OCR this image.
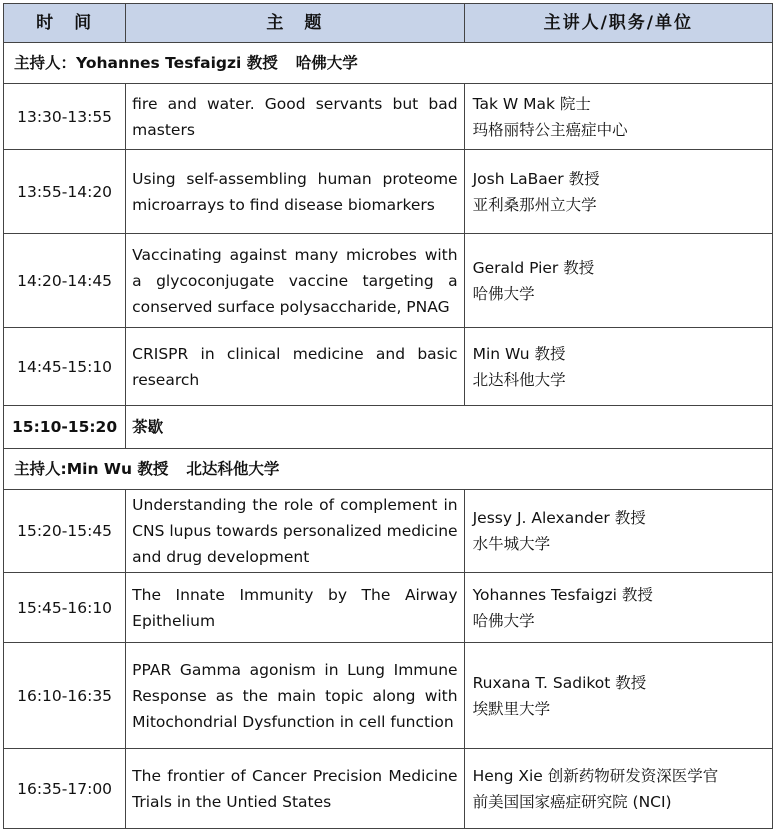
时　间	主　题	主讲人/职务/单位
主持人：Yohannes Tesfaigzi 教授 哈佛大学		
13:30-13:55	fire and water. Good servants but bad masters	Tak W Mak 院士
玛格丽特公主癌症中心

13:55-14:20	Using self-assembling human proteome microarrays to find disease biomarkers	Josh LaBaer 教授
亚利桑那州立大学

14:20-14:45	Vaccinating against many microbes with a glycoconjugate vaccine targeting a conserved surface polysaccharide, PNAG	Gerald Pier 教授
哈佛大学

14:45-15:10	CRISPR in clinical medicine and basic research	Min Wu 教授
北达科他大学

15:10-15:20	茶歇	
主持人:Min Wu 教授 北达科他大学		
15:20-15:45	Understanding the role of complement in CNS lupus towards personalized medicine and drug development	Jessy J. Alexander 教授
水牛城大学

15:45-16:10	The Innate Immunity by The Airway Epithelium	Yohannes Tesfaigzi 教授
哈佛大学

16:10-16:35	PPAR Gamma agonism in Lung Immune Response as the main topic along with Mitochondrial Dysfunction in cell function	Ruxana T. Sadikot 教授
埃默里大学

16:35-17:00	The frontier of Cancer Precision Medicine Trials in the Untied States	Heng Xie 创新药物研发资深医学官
前美国国家癌症研究院 (NCI)
